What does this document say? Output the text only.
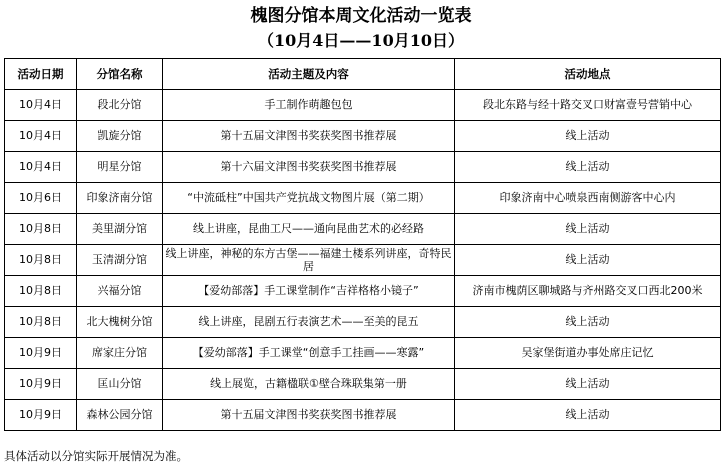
槐图分馆本周文化活动一览表
（10月4日——10月10日）
活动日期	分馆名称	活动主题及内容	活动地点
10月4日	段北分馆	手工制作萌趣包包	段北东路与经十路交叉口财富壹号营销中心
10月4日	凯旋分馆	第十五届文津图书奖获奖图书推荐展	线上活动
10月4日	明星分馆	第十六届文津图书奖获奖图书推荐展	线上活动
10月6日	印象济南分馆	“中流砥柱”中国共产党抗战文物图片展（第二期）	印象济南中心喷泉西南侧游客中心内
10月8日	美里湖分馆	线上讲座，昆曲工尺——通向昆曲艺术的必经路	线上活动
10月8日	玉清湖分馆	线上讲座，神秘的东方古堡——福建土楼系列讲座，奇特民居	线上活动
10月8日	兴福分馆	【爱幼部落】手工课堂制作“吉祥格格小镜子”	济南市槐荫区聊城路与齐州路交叉口西北200米
10月8日	北大槐树分馆	线上讲座，昆剧五行表演艺术——至美的昆五	线上活动
10月9日	席家庄分馆	【爱幼部落】手工课堂“创意手工挂画——寒露”	吴家堡街道办事处席庄记忆
10月9日	匡山分馆	线上展览，古籍楹联①壁合珠联集第一册	线上活动
10月9日	森林公园分馆	第十五届文津图书奖获奖图书推荐展	线上活动
具体活动以分馆实际开展情况为准。
